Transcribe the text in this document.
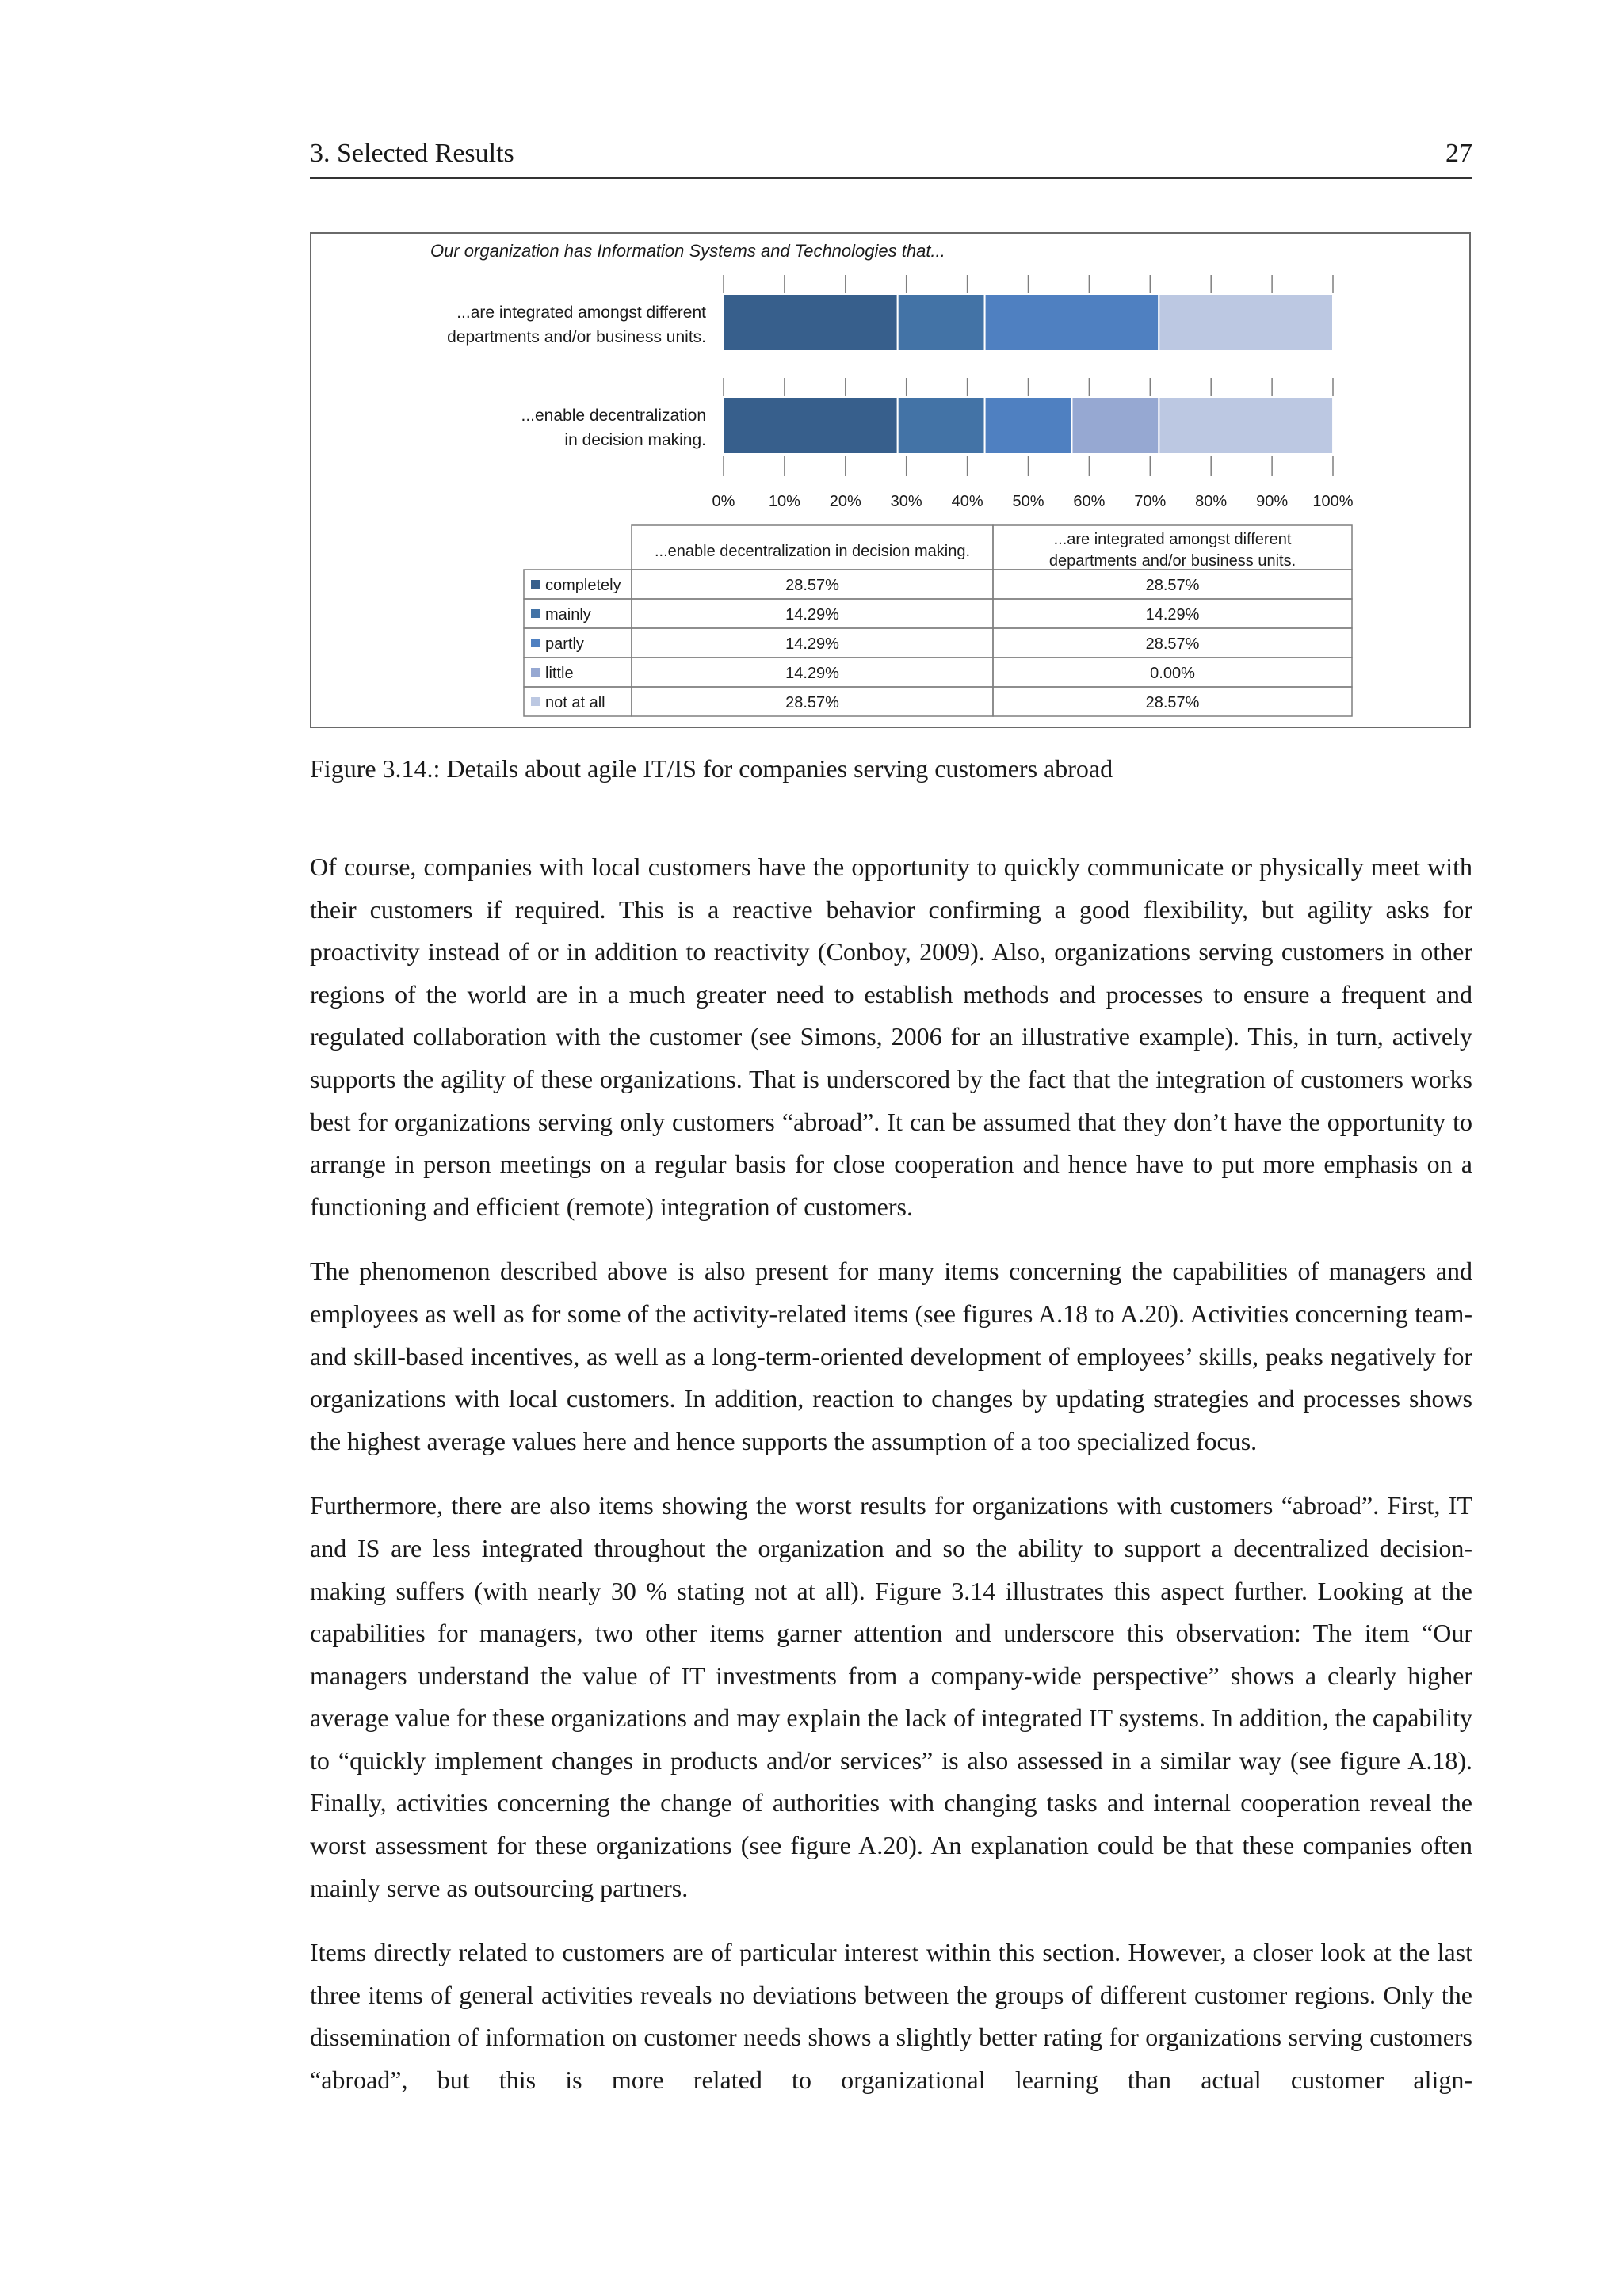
3. Selected Results	27
Our organization has Information Systems and Technologies that...
0% 10% 20% 30% 40% 50% 60% 70% 80% 90% 100%
...are integrated amongst different
departments and/or business units.
...enable decentralization
in decision making.
...enable decentralization in decision making.
...are integrated amongst different
departments and/or business units.
completely	28.57%	28.57%
mainly	14.29%	14.29%
partly	14.29%	28.57%
little	14.29%	0.00%
not at all	28.57%	28.57%
Figure 3.14.: Details about agile IT/IS for companies serving customers abroad

Of course, companies with local customers have the opportunity to quickly communicate or physically meet with their customers if required. This is a reactive behavior confirming a good flexibility, but agility asks for proactivity instead of or in addition to reactivity (Conboy, 2009). Also, organizations serving customers in other regions of the world are in a much greater need to establish methods and processes to ensure a frequent and regulated collaboration with the customer (see Simons, 2006 for an illustrative example). This, in turn, actively supports the agility of these organizations. That is underscored by the fact that the integration of customers works best for organizations serving only customers “abroad”. It can be assumed that they don’t have the opportunity to arrange in person meetings on a regular basis for close cooperation and hence have to put more emphasis on a functioning and efficient (remote) integration of customers.

The phenomenon described above is also present for many items concerning the capabilities of managers and employees as well as for some of the activity-related items (see figures A.18 to A.20). Activities concerning team- and skill-based incentives, as well as a long-term-oriented development of employees’ skills, peaks negatively for organizations with local customers. In addition, reaction to changes by updating strategies and processes shows the highest average values here and hence supports the assumption of a too specialized focus.

Furthermore, there are also items showing the worst results for organizations with customers “abroad”. First, IT and IS are less integrated throughout the organization and so the ability to support a decentralized decision-making suffers (with nearly 30 % stating not at all). Figure 3.14 illustrates this aspect further. Looking at the capabilities for managers, two other items garner attention and underscore this observation: The item “Our managers understand the value of IT investments from a company-wide perspective” shows a clearly higher average value for these organizations and may explain the lack of integrated IT systems. In addition, the capability to “quickly implement changes in products and/or services” is also assessed in a similar way (see figure A.18). Finally, activities concerning the change of authorities with changing tasks and internal cooperation reveal the worst assessment for these organizations (see figure A.20). An explanation could be that these companies often mainly serve as outsourcing partners.

Items directly related to customers are of particular interest within this section. However, a closer look at the last three items of general activities reveals no deviations between the groups of different customer regions. Only the dissemination of information on customer needs shows a slightly better rating for organizations serving customers “abroad”, but this is more related to organizational learning than actual customer align-
